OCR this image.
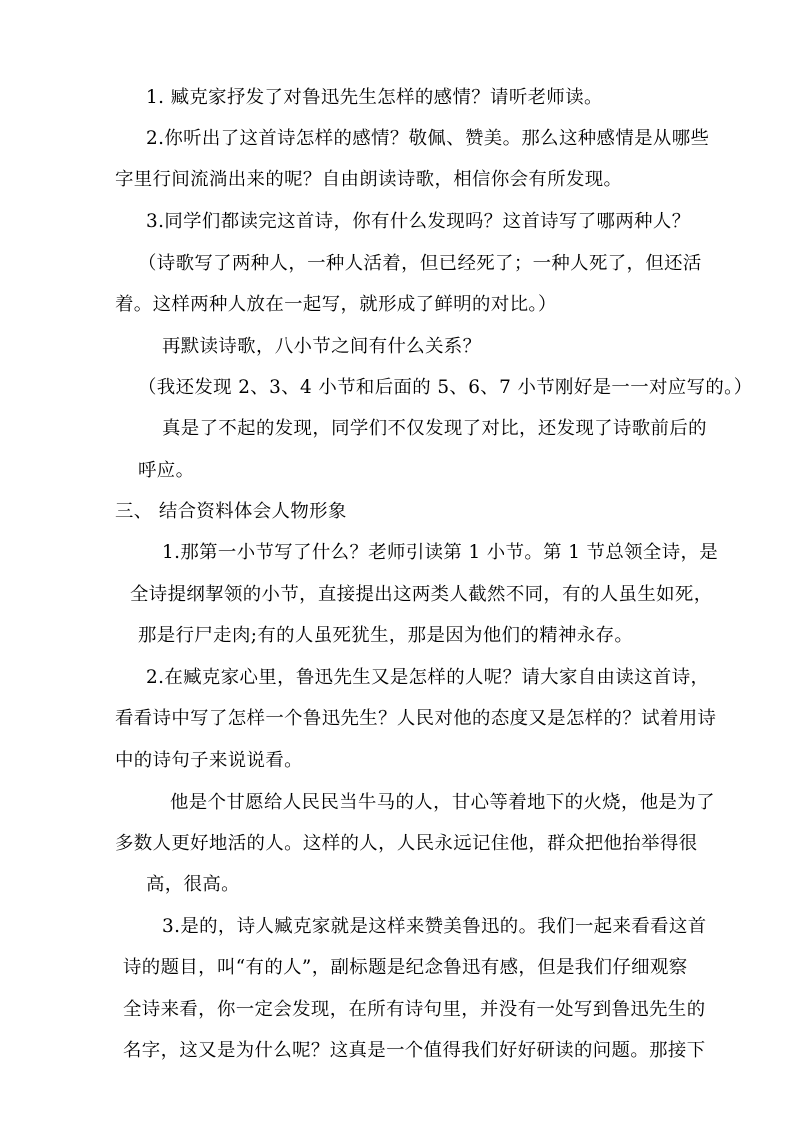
1. 臧克家抒发了对鲁迅先生怎样的感情？请听老师读。
2.你听出了这首诗怎样的感情？敬佩、赞美。那么这种感情是从哪些
字里行间流淌出来的呢？自由朗读诗歌，相信你会有所发现。
3.同学们都读完这首诗，你有什么发现吗？这首诗写了哪两种人？
（诗歌写了两种人，一种人活着，但已经死了；一种人死了，但还活
着。这样两种人放在一起写，就形成了鲜明的对比。）
再默读诗歌，八小节之间有什么关系？
（我还发现 2、3、4 小节和后面的 5、6、7 小节刚好是一一对应写的。）
真是了不起的发现，同学们不仅发现了对比，还发现了诗歌前后的
呼应。
三、 结合资料体会人物形象
1.那第一小节写了什么？老师引读第 1 小节。第 1 节总领全诗，是
全诗提纲挈领的小节，直接提出这两类人截然不同，有的人虽生如死，
那是行尸走肉;有的人虽死犹生，那是因为他们的精神永存。
2.在臧克家心里，鲁迅先生又是怎样的人呢？请大家自由读这首诗，
看看诗中写了怎样一个鲁迅先生？人民对他的态度又是怎样的？试着用诗
中的诗句子来说说看。
他是个甘愿给人民民当牛马的人，甘心等着地下的火烧，他是为了
多数人更好地活的人。这样的人，人民永远记住他，群众把他抬举得很
高，很高。
3.是的，诗人臧克家就是这样来赞美鲁迅的。我们一起来看看这首
诗的题目，叫“有的人”，副标题是纪念鲁迅有感，但是我们仔细观察
全诗来看，你一定会发现，在所有诗句里，并没有一处写到鲁迅先生的
名字，这又是为什么呢？这真是一个值得我们好好研读的问题。那接下
